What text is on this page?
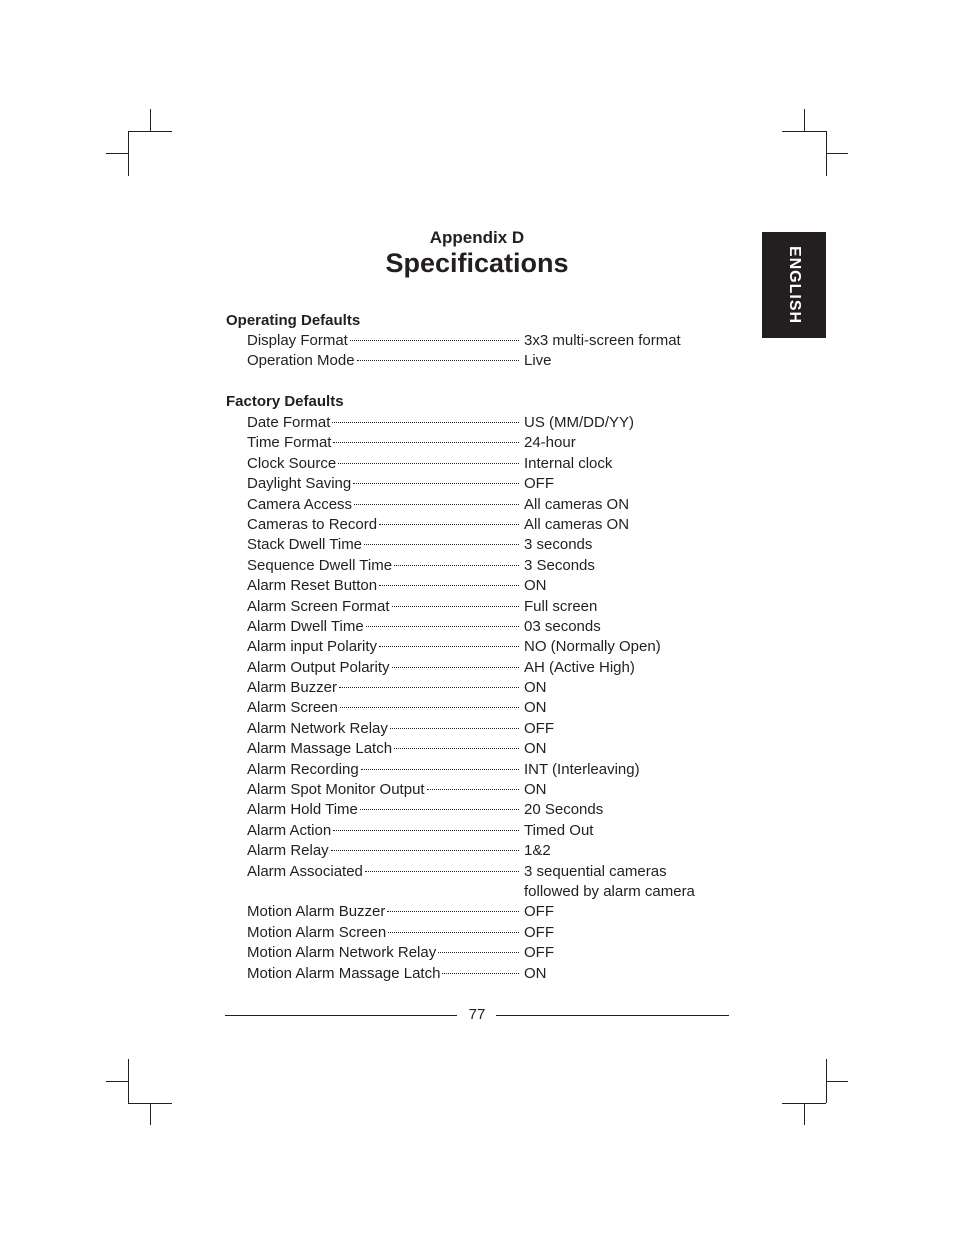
ENGLISH
Appendix D
Specifications
Operating Defaults
Display Format	3x3 multi-screen format
Operation Mode	Live
Factory Defaults
Date Format	US (MM/DD/YY)
Time Format	24-hour
Clock Source	Internal clock
Daylight Saving	OFF
Camera Access	All cameras ON
Cameras to Record	All cameras ON
Stack Dwell Time	3 seconds
Sequence Dwell Time	3 Seconds
Alarm Reset Button	ON
Alarm Screen Format	Full screen
Alarm Dwell Time	03 seconds
Alarm input Polarity	NO (Normally Open)
Alarm Output Polarity	AH (Active High)
Alarm Buzzer	ON
Alarm Screen	ON
Alarm Network Relay	OFF
Alarm Massage Latch	ON
Alarm Recording	INT (Interleaving)
Alarm Spot Monitor Output	ON
Alarm Hold Time	20 Seconds
Alarm Action	Timed Out
Alarm Relay	1&2
Alarm Associated	3 sequential cameras
followed by alarm camera
Motion Alarm Buzzer	OFF
Motion Alarm Screen	OFF
Motion Alarm Network Relay	OFF
Motion Alarm Massage Latch	ON
77
